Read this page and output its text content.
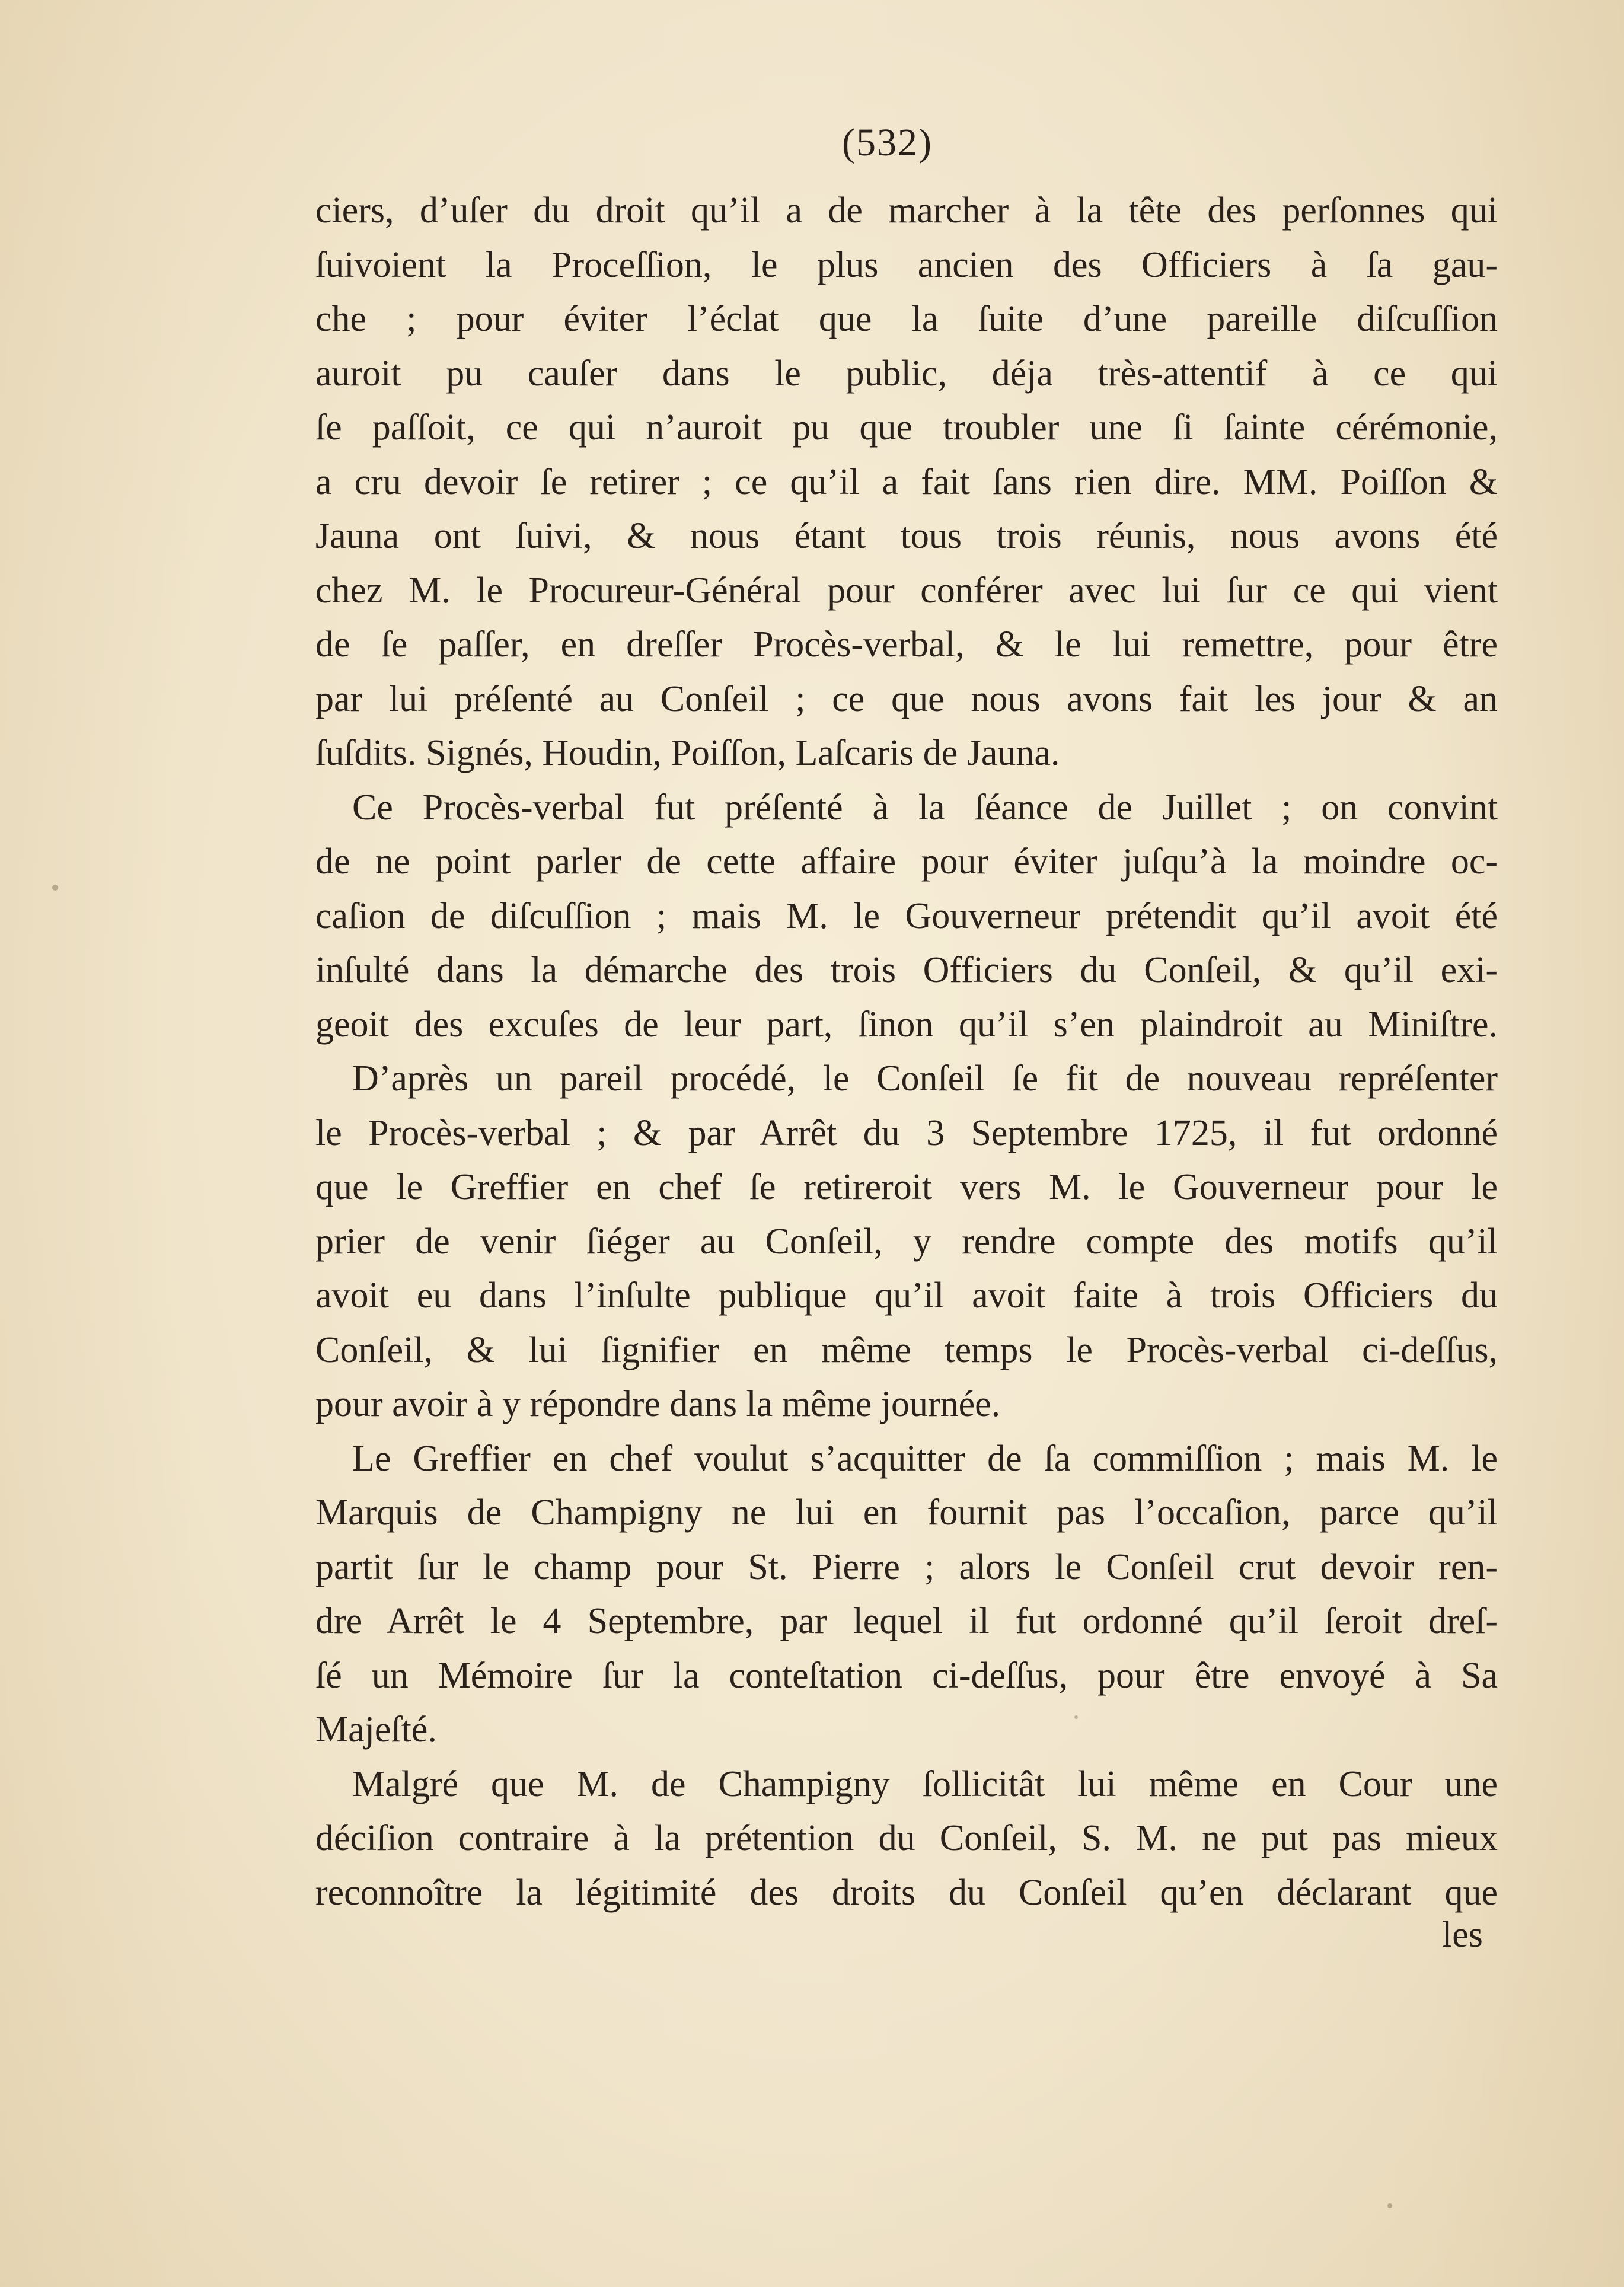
(532)
ciers, d’uſer du droit qu’il a de marcher à la tête des perſonnes qui
ſuivoient la Proceſſion, le plus ancien des Officiers à ſa gau-
che ; pour éviter l’éclat que la ſuite d’une pareille diſcuſſion
auroit pu cauſer dans le public, déja très-attentif à ce qui
ſe paſſoit, ce qui n’auroit pu que troubler une ſi ſainte cérémonie,
a cru devoir ſe retirer ; ce qu’il a fait ſans rien dire. MM. Poiſſon &
Jauna ont ſuivi, & nous étant tous trois réunis, nous avons été
chez M. le Procureur-Général pour conférer avec lui ſur ce qui vient
de ſe paſſer, en dreſſer Procès-verbal, & le lui remettre, pour être
par lui préſenté au Conſeil ; ce que nous avons fait les jour & an
ſuſdits. Signés, Houdin, Poiſſon, Laſcaris de Jauna.
Ce Procès-verbal fut préſenté à la ſéance de Juillet ; on convint
de ne point parler de cette affaire pour éviter juſqu’à la moindre oc-
caſion de diſcuſſion ; mais M. le Gouverneur prétendit qu’il avoit été
inſulté dans la démarche des trois Officiers du Conſeil, & qu’il exi-
geoit des excuſes de leur part, ſinon qu’il s’en plaindroit au Miniſtre.
D’après un pareil procédé, le Conſeil ſe fit de nouveau repréſenter
le Procès-verbal ; & par Arrêt du 3 Septembre 1725, il fut ordonné
que le Greffier en chef ſe retireroit vers M. le Gouverneur pour le
prier de venir ſiéger au Conſeil, y rendre compte des motifs qu’il
avoit eu dans l’inſulte publique qu’il avoit faite à trois Officiers du
Conſeil, & lui ſignifier en même temps le Procès-verbal ci-deſſus,
pour avoir à y répondre dans la même journée.
Le Greffier en chef voulut s’acquitter de ſa commiſſion ; mais M. le
Marquis de Champigny ne lui en fournit pas l’occaſion, parce qu’il
partit ſur le champ pour St. Pierre ; alors le Conſeil crut devoir ren-
dre Arrêt le 4 Septembre, par lequel il fut ordonné qu’il ſeroit dreſ-
ſé un Mémoire ſur la conteſtation ci-deſſus, pour être envoyé à Sa
Majeſté.
Malgré que M. de Champigny ſollicitât lui même en Cour une
déciſion contraire à la prétention du Conſeil, S. M. ne put pas mieux
reconnoître la légitimité des droits du Conſeil qu’en déclarant que
les
